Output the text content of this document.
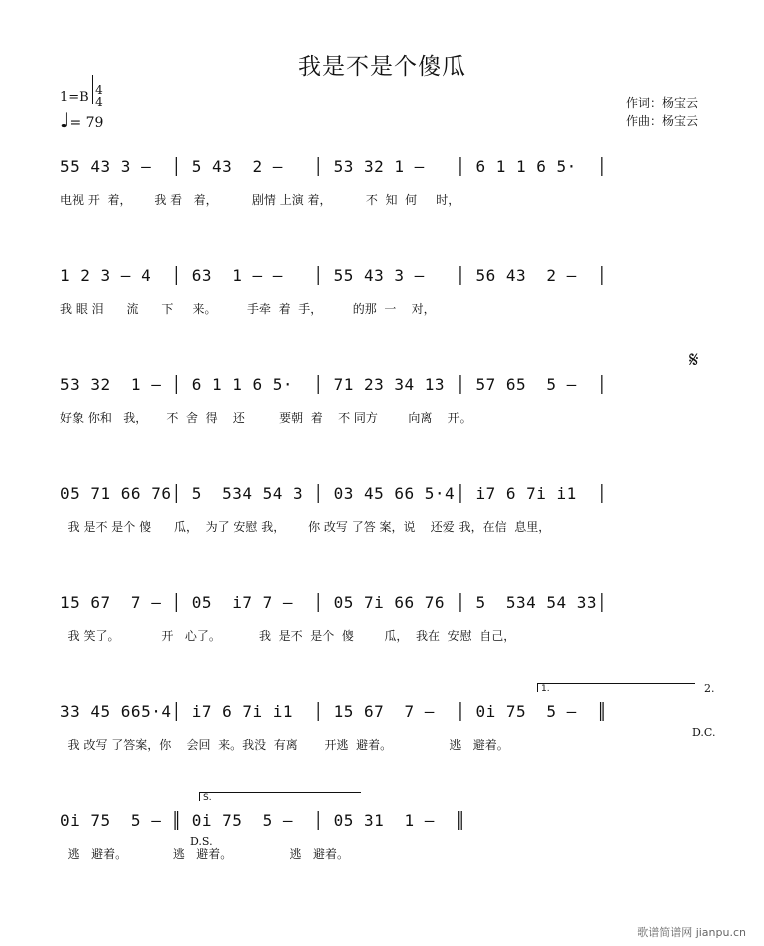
我是不是个傻瓜
1=B 4
4
♩= 79
作词：杨宝云
作曲：杨宝云
55 43 3 –  │ 5 43  2 –   │ 53 32 1 –   │ 6 1 1 6 5·  │
电视 开  着，      我 看   着，         剧情 上演 着，         不  知  何     时，
1 2 3 – 4  │ 63  1 – –   │ 55 43 3 –   │ 56 43  2 –  │
我 眼 泪      流      下     来。        手牵  着  手，        的那  一    对，
53 32  1 – │ 6 1 1 6 5·  │ 71 23 34 13 │ 57 65  5 –  │
好象 你和   我，     不  舍  得    还         要朝  着    不 同方        向离    开。
𝄋
05 71 66 76│ 5  534 54 3 │ 03 45 66 5·4│ i7 6 7i i1  │
我 是不 是个 傻      瓜，  为了 安慰 我，      你 改写 了答 案，说    还爱 我，在信  息里，
15 67  7 – │ 05  i7 7 –  │ 05 7i 66 76 │ 5  534 54 33│
我 笑了。           开   心了。          我  是不  是个  傻        瓜，  我在  安慰  自己，
33 45 665·4│ i7 6 7i i1  │ 15 67  7 –  │ 0i 75  5 –  ║
我 改写 了答案，你    会回  来。我没  有离       开逃  避着。               逃   避着。
1.	2.
D.C.
0i 75  5 – ║ 0i 75  5 –  │ 05 31  1 –  ║
逃   避着。            逃   避着。               逃   避着。
S.
D.S.
歌谱简谱网 jianpu.cn
